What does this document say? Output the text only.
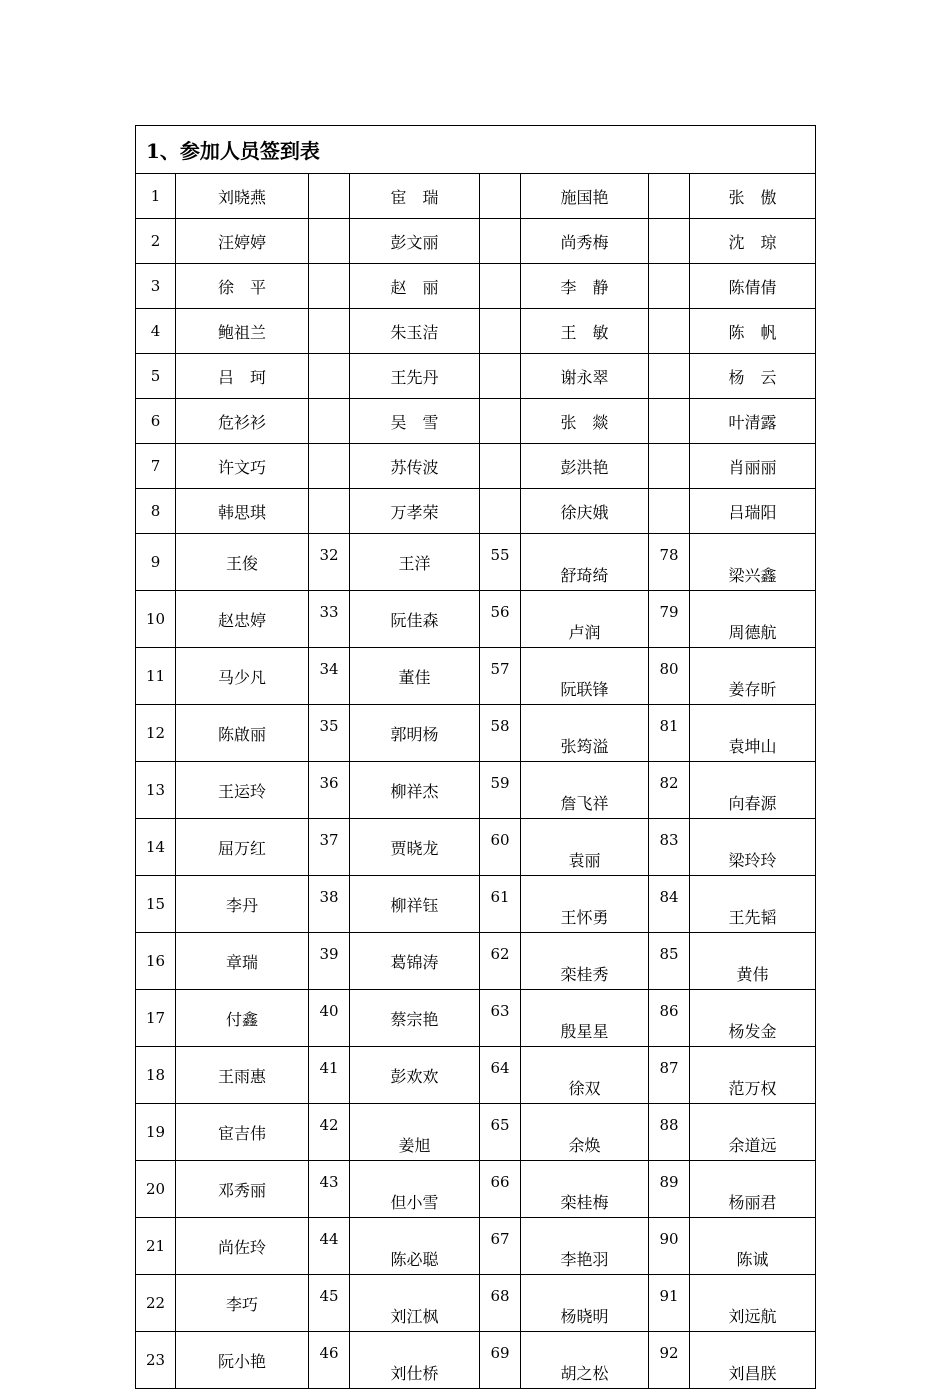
1、参加人员签到表							
1	刘晓燕		宦　瑞		施国艳		张　傲
2	汪婷婷		彭文丽		尚秀梅		沈　琼
3	徐　平		赵　丽		李　静		陈倩倩
4	鲍祖兰		朱玉洁		王　敏		陈　帆
5	吕　珂		王先丹		谢永翠		杨　云
6	危衫衫		吴　雪		张　燚		叶清露
7	许文巧		苏传波		彭洪艳		肖丽丽
8	韩思琪		万孝荣		徐庆娥		吕瑞阳
9	王俊	32	王洋	55	舒琦绮	78	梁兴鑫
10	赵忠婷	33	阮佳森	56	卢润	79	周德航
11	马少凡	34	董佳	57	阮联锋	80	姜存昕
12	陈啟丽	35	郭明杨	58	张筠溢	81	袁坤山
13	王运玲	36	柳祥杰	59	詹飞祥	82	向春源
14	屈万红	37	贾晓龙	60	袁丽	83	梁玲玲
15	李丹	38	柳祥钰	61	王怀勇	84	王先韬
16	章瑞	39	葛锦涛	62	栾桂秀	85	黄伟
17	付鑫	40	蔡宗艳	63	殷星星	86	杨发金
18	王雨惠	41	彭欢欢	64	徐双	87	范万权
19	宦吉伟	42	姜旭	65	余焕	88	余道远
20	邓秀丽	43	但小雪	66	栾桂梅	89	杨丽君
21	尚佐玲	44	陈必聪	67	李艳羽	90	陈诚
22	李巧	45	刘江枫	68	杨晓明	91	刘远航
23	阮小艳	46	刘仕桥	69	胡之松	92	刘昌朕
